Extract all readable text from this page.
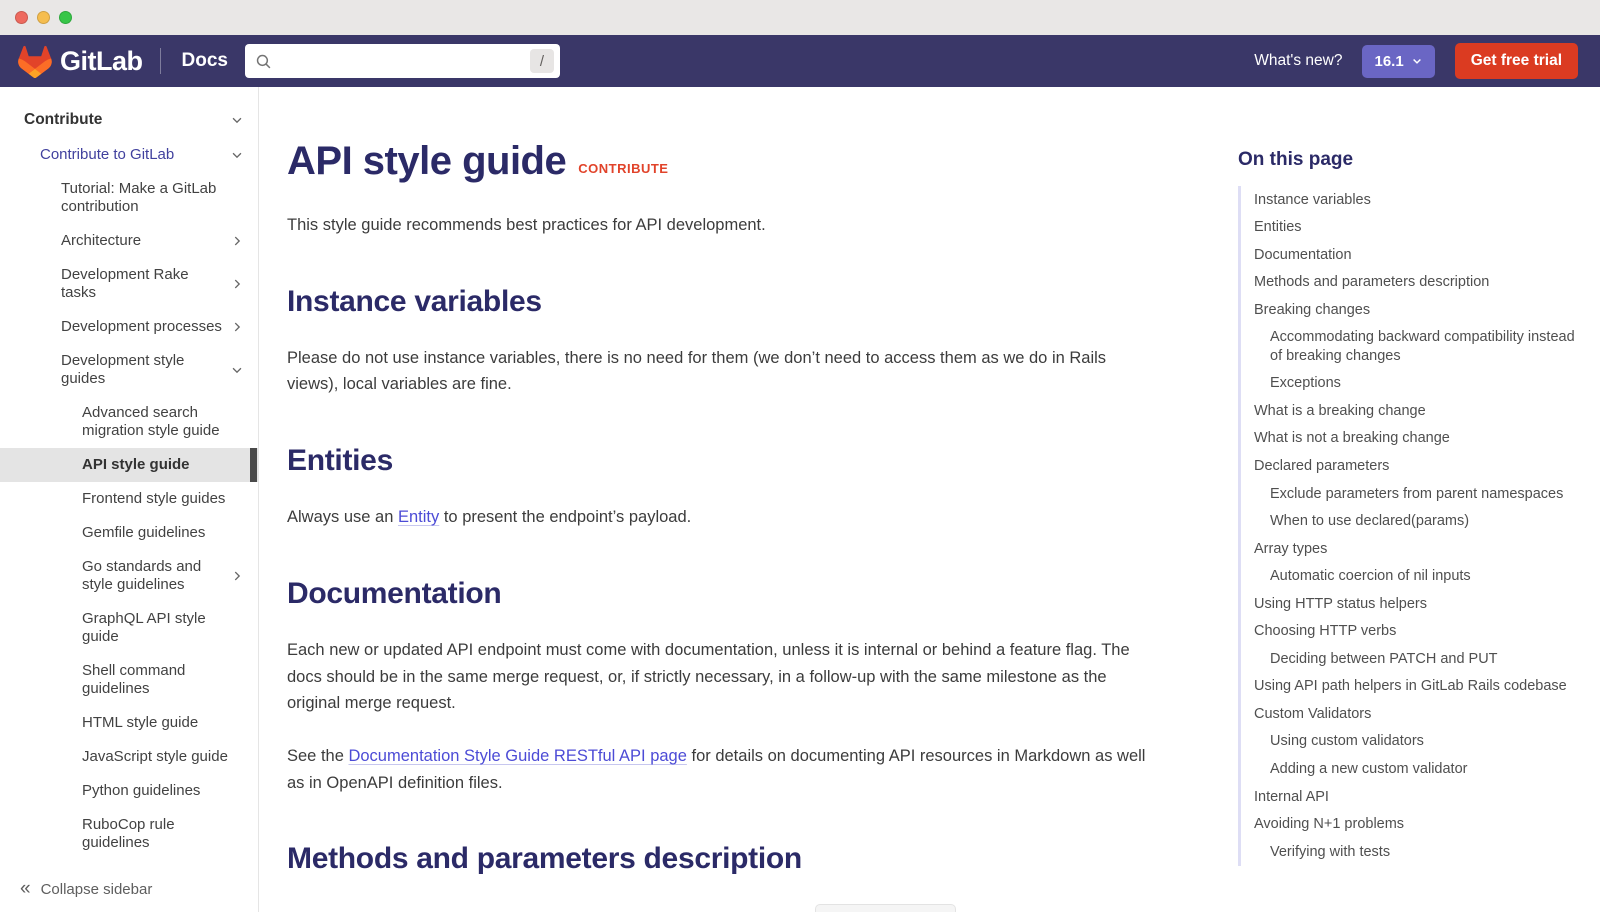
GitLab Docs	/	What's new? 16.1	Get free trial
Contribute
Contribute to GitLab
Tutorial: Make a GitLab contribution
Architecture
Development Rake tasks
Development processes
Development style guides
Advanced search migration style guide
API style guide
Frontend style guides
Gemfile guidelines
Go standards and style guidelines
GraphQL API style guide
Shell command guidelines
HTML style guide
JavaScript style guide
Python guidelines
RuboCop rule guidelines
« Collapse sidebar
API style guide CONTRIBUTE

This style guide recommends best practices for API development.

Instance variables

Please do not use instance variables, there is no need for them (we don’t need to access them as we do in Rails views), local variables are fine.

Entities

Always use an Entity to present the endpoint’s payload.

Documentation

Each new or updated API endpoint must come with documentation, unless it is internal or behind a feature flag. The docs should be in the same merge request, or, if strictly necessary, in a follow-up with the same milestone as the original merge request.

See the Documentation Style Guide RESTful API page for details on documenting API resources in Markdown as well as in OpenAPI definition files.

Methods and parameters description
On this page
Instance variables
Entities
Documentation
Methods and parameters description
Breaking changes
Accommodating backward compatibility instead of breaking changes
Exceptions
What is a breaking change
What is not a breaking change
Declared parameters
Exclude parameters from parent namespaces
When to use declared(params)
Array types
Automatic coercion of nil inputs
Using HTTP status helpers
Choosing HTTP verbs
Deciding between PATCH and PUT
Using API path helpers in GitLab Rails codebase
Custom Validators
Using custom validators
Adding a new custom validator
Internal API
Avoiding N+1 problems
Verifying with tests
